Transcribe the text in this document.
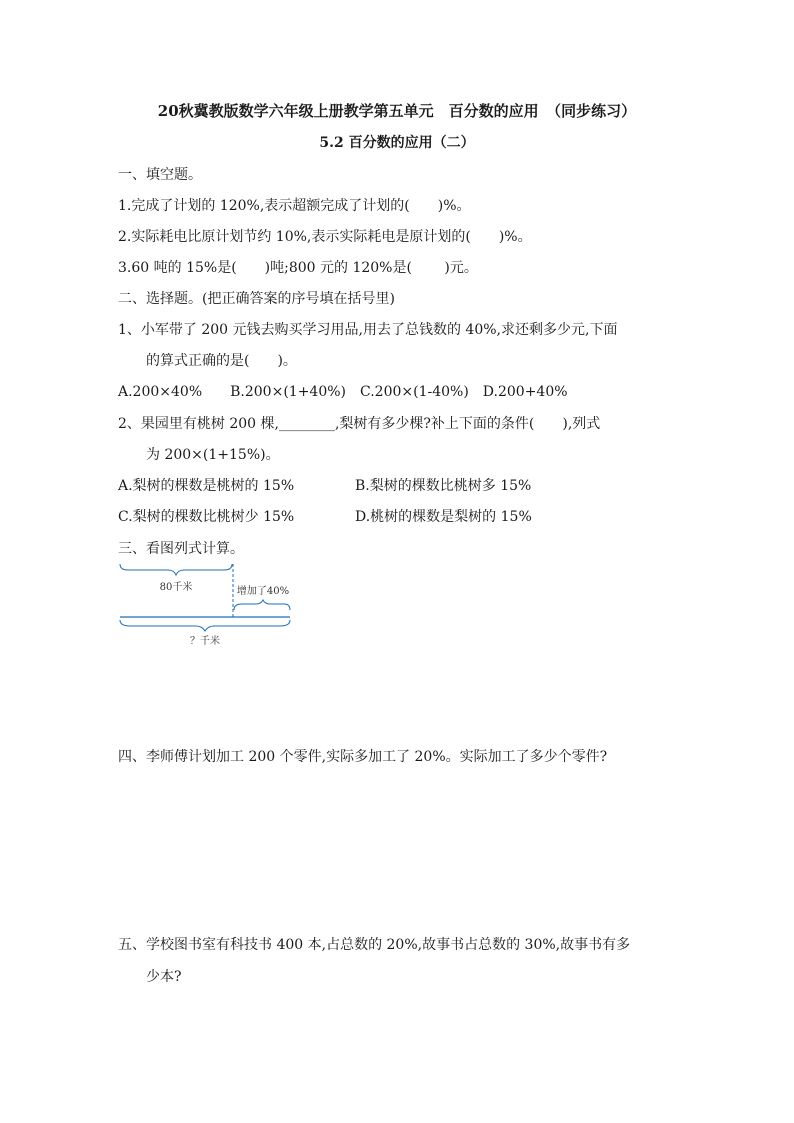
20秋冀教版数学六年级上册教学第五单元　百分数的应用　（同步练习）
5.2 百分数的应用（二）
一、填空题。
1.完成了计划的 120%,表示超额完成了计划的(　　)%。
2.实际耗电比原计划节约 10%,表示实际耗电是原计划的(　　)%。
3.60 吨的 15%是(　　)吨;800 元的 120%是(　　 )元。
二、选择题。(把正确答案的序号填在括号里)
1、小军带了 200 元钱去购买学习用品,用去了总钱数的 40%,求还剩多少元,下面
的算式正确的是(　　)。
A.200×40%　　B.200×(1+40%)　C.200×(1-40%)　D.200+40%
2、果园里有桃树 200 棵,________,梨树有多少棵?补上下面的条件(　　),列式
为 200×(1+15%)。
A.梨树的棵数是桃树的 15%	B.梨树的棵数比桃树多 15%
C.梨树的棵数比桃树少 15%	D.桃树的棵数是梨树的 15%
三、看图列式计算。
80千米	增加了40%
？千米
四、李师傅计划加工 200 个零件,实际多加工了 20%。实际加工了多少个零件?
五、学校图书室有科技书 400 本,占总数的 20%,故事书占总数的 30%,故事书有多
少本?
